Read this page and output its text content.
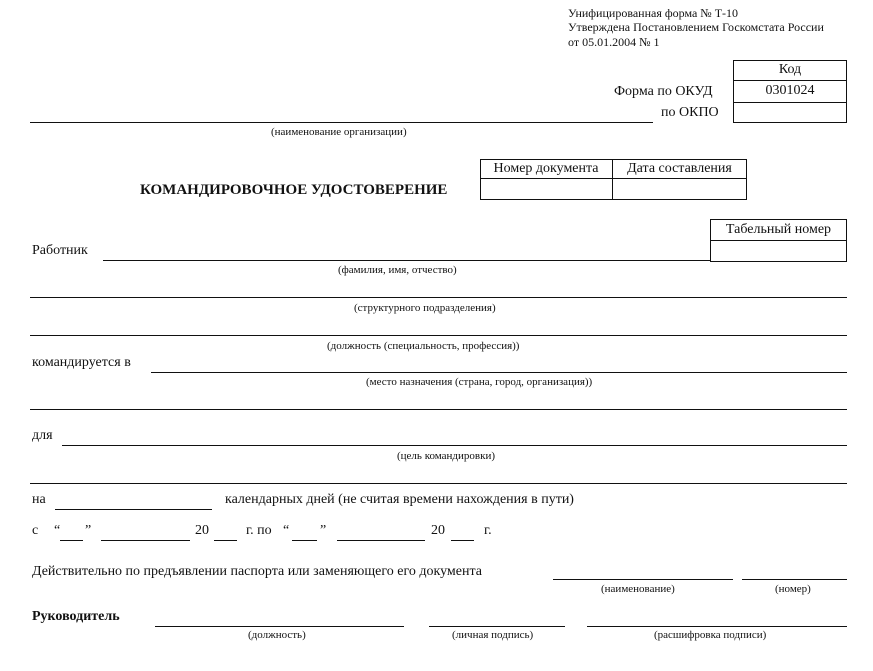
Унифицированная форма № Т-10
Утверждена Постановлением Госкомстата России
от 05.01.2004 № 1
Код
0301024
Форма по ОКУД
по ОКПО
(наименование организации)
Номер документа	Дата составления
КОМАНДИРОВОЧНОЕ УДОСТОВЕРЕНИЕ
Табельный номер
Работник
(фамилия, имя, отчество)
(структурного подразделения)
(должность (специальность, профессия))
командируется в
(место назначения (страна, город, организация))
для
(цель командировки)
на	календарных дней (не считая времени нахождения в пути)
с “ ”	20	г. по “ ”	20	г.
Действительно по предъявлении паспорта или заменяющего его документа
(наименование)	(номер)
Руководитель
(должность)	(личная подпись)	(расшифровка подписи)
